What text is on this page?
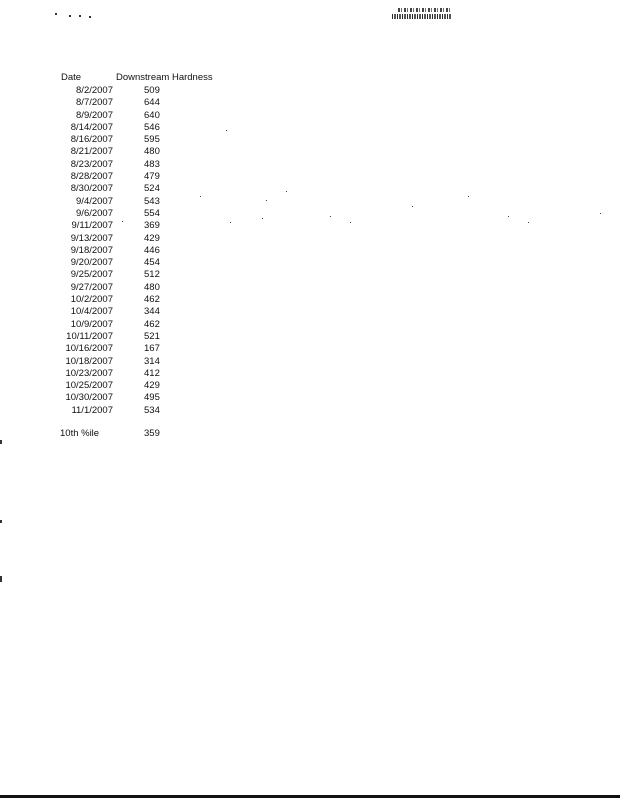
Date	Downstream Hardness
8/2/2007	509
8/7/2007	644
8/9/2007	640
8/14/2007	546
8/16/2007	595
8/21/2007	480
8/23/2007	483
8/28/2007	479
8/30/2007	524
9/4/2007	543
9/6/2007	554
9/11/2007	369
9/13/2007	429
9/18/2007	446
9/20/2007	454
9/25/2007	512
9/27/2007	480
10/2/2007	462
10/4/2007	344
10/9/2007	462
10/11/2007	521
10/16/2007	167
10/18/2007	314
10/23/2007	412
10/25/2007	429
10/30/2007	495
11/1/2007	534
10th %ile	359
